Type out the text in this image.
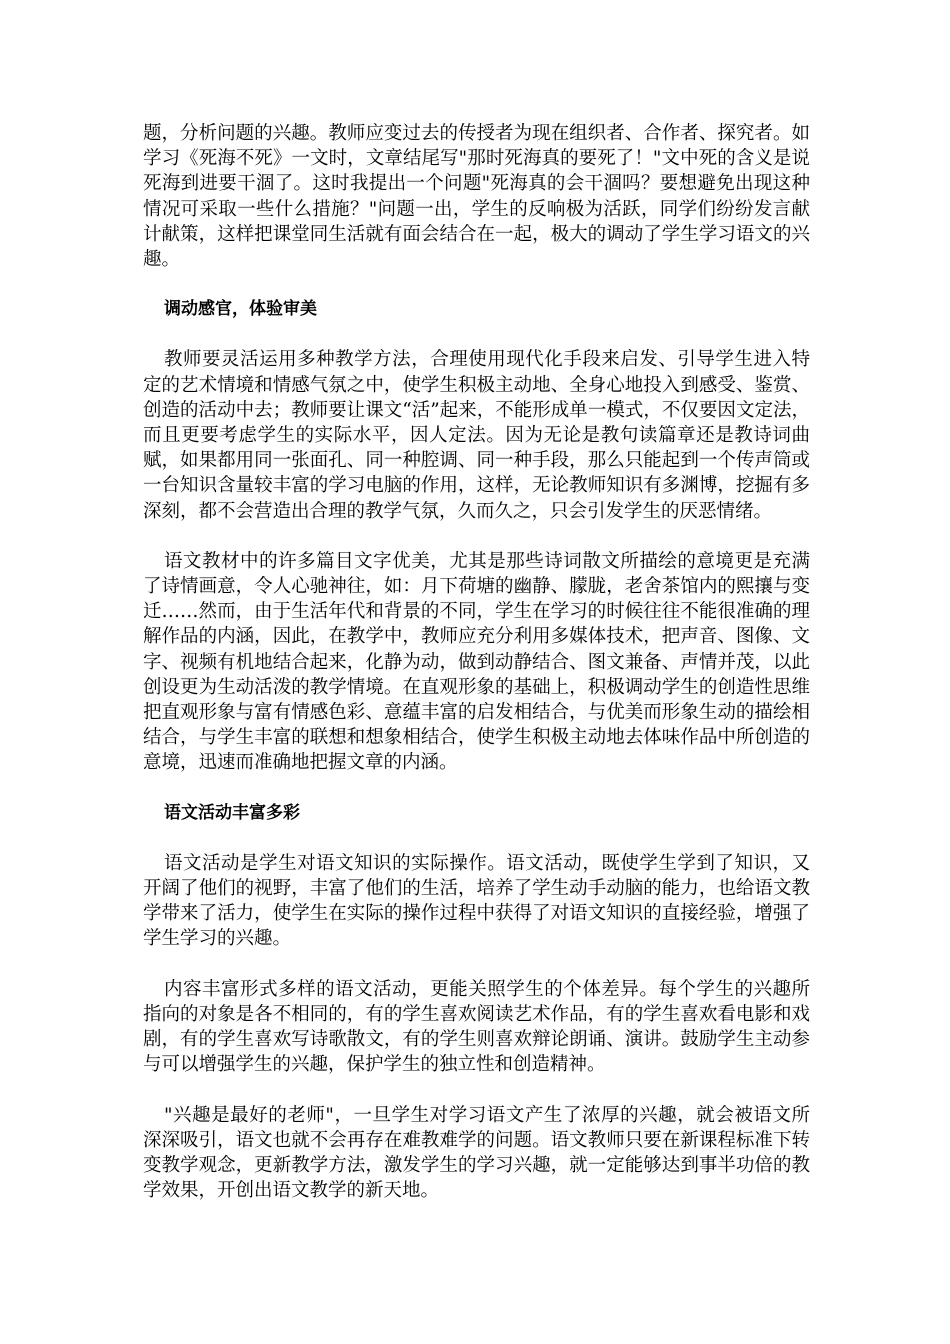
题，分析问题的兴趣。教师应变过去的传授者为现在组织者、合作者、探究者。如学习《死海不死》一文时，文章结尾写"那时死海真的要死了！"文中死的含义是说死海到进要干涸了。这时我提出一个问题"死海真的会干涸吗？要想避免出现这种情况可采取一些什么措施？"问题一出，学生的反响极为活跃，同学们纷纷发言献计献策，这样把课堂同生活就有面会结合在一起，极大的调动了学生学习语文的兴趣。

调动感官，体验审美

教师要灵活运用多种教学方法，合理使用现代化手段来启发、引导学生进入特定的艺术情境和情感气氛之中，使学生积极主动地、全身心地投入到感受、鉴赏、创造的活动中去；教师要让课文“活”起来，不能形成单一模式，不仅要因文定法，而且更要考虑学生的实际水平，因人定法。因为无论是教句读篇章还是教诗词曲赋，如果都用同一张面孔、同一种腔调、同一种手段，那么只能起到一个传声筒或一台知识含量较丰富的学习电脑的作用，这样，无论教师知识有多渊博，挖掘有多深刻，都不会营造出合理的教学气氛，久而久之，只会引发学生的厌恶情绪。

语文教材中的许多篇目文字优美，尤其是那些诗词散文所描绘的意境更是充满了诗情画意，令人心驰神往，如：月下荷塘的幽静、朦胧，老舍茶馆内的熙攘与变迁……然而，由于生活年代和背景的不同，学生在学习的时候往往不能很准确的理解作品的内涵，因此，在教学中，教师应充分利用多媒体技术，把声音、图像、文字、视频有机地结合起来，化静为动，做到动静结合、图文兼备、声情并茂，以此创设更为生动活泼的教学情境。在直观形象的基础上，积极调动学生的创造性思维把直观形象与富有情感色彩、意蕴丰富的启发相结合，与优美而形象生动的描绘相结合，与学生丰富的联想和想象相结合，使学生积极主动地去体味作品中所创造的意境，迅速而准确地把握文章的内涵。

语文活动丰富多彩

语文活动是学生对语文知识的实际操作。语文活动，既使学生学到了知识，又开阔了他们的视野，丰富了他们的生活，培养了学生动手动脑的能力，也给语文教学带来了活力，使学生在实际的操作过程中获得了对语文知识的直接经验，增强了学生学习的兴趣。

内容丰富形式多样的语文活动，更能关照学生的个体差异。每个学生的兴趣所指向的对象是各不相同的，有的学生喜欢阅读艺术作品，有的学生喜欢看电影和戏剧，有的学生喜欢写诗歌散文，有的学生则喜欢辩论朗诵、演讲。鼓励学生主动参与可以增强学生的兴趣，保护学生的独立性和创造精神。

"兴趣是最好的老师"，一旦学生对学习语文产生了浓厚的兴趣，就会被语文所深深吸引，语文也就不会再存在难教难学的问题。语文教师只要在新课程标准下转变教学观念，更新教学方法，激发学生的学习兴趣，就一定能够达到事半功倍的教学效果，开创出语文教学的新天地。
